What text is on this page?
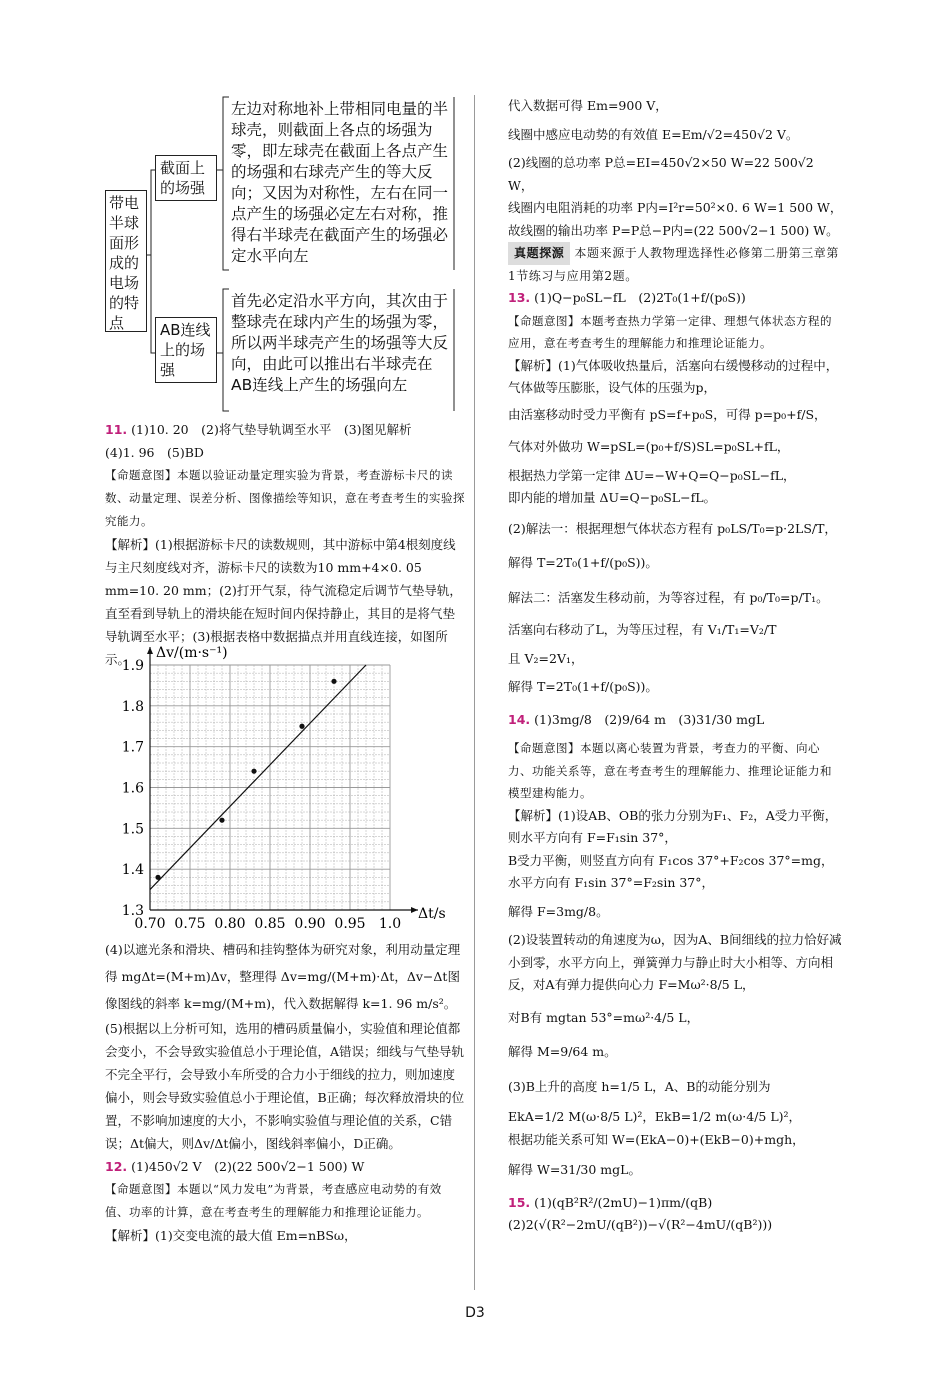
带电半球面形成的电场的特点
截面上的场强
AB连线上的场强
左边对称地补上带相同电量的半球壳，则截面上各点的场强为零，即左球壳在截面上各点产生的场强和右球壳产生的等大反向；又因为对称性，左右在同一点产生的场强必定左右对称，推得右半球壳在截面产生的场强必定水平向左
首先必定沿水平方向，其次由于整球壳在球内产生的场强为零，所以两半球壳产生的场强等大反向，由此可以推出右半球壳在AB连线上产生的场强向左

11. (1)10. 20　(2)将气垫导轨调至水平　(3)图见解析

(4)1. 96　(5)BD

【命题意图】本题以验证动量定理实验为背景，考查游标卡尺的读数、动量定理、误差分析、图像描绘等知识，意在考查考生的实验探究能力。

【解析】(1)根据游标卡尺的读数规则，其中游标中第4根刻度线与主尺刻度线对齐，游标卡尺的读数为10 mm+4×0. 05 mm=10. 20 mm；(2)打开气泵，待气流稳定后调节气垫导轨，直至看到导轨上的滑块能在短时间内保持静止，其目的是将气垫导轨调至水平；(3)根据表格中数据描点并用直线连接，如图所示。

0.70 0.75 0.80 0.85 0.90 0.95 1.0
1.3
1.4
1.5
1.6
1.7
1.8
1.9
Δt/s
Δv/(m·s⁻¹)

(4)以遮光条和滑块、槽码和挂钩整体为研究对象，利用动量定理得 mgΔt=(M+m)Δv，整理得 Δv=mg/(M+m)·Δt，Δv−Δt图像图线的斜率 k=mg/(M+m)，代入数据解得 k=1. 96 m/s²。

(5)根据以上分析可知，选用的槽码质量偏小，实验值和理论值都会变小，不会导致实验值总小于理论值，A错误；细线与气垫导轨不完全平行，会导致小车所受的合力小于细线的拉力，则加速度偏小，则会导致实验值总小于理论值，B正确；每次释放滑块的位置，不影响加速度的大小，不影响实验值与理论值的关系，C错误；Δt偏大，则Δv/Δt偏小，图线斜率偏小，D正确。

12. (1)450√2 V　(2)(22 500√2−1 500) W

【命题意图】本题以“风力发电”为背景，考查感应电动势的有效值、功率的计算，意在考查考生的理解能力和推理论证能力。

【解析】(1)交变电流的最大值 Em=nBSω，

代入数据可得 Em=900 V，

线圈中感应电动势的有效值 E=Em/√2=450√2 V。

(2)线圈的总功率 P总=EI=450√2×50 W=22 500√2 W，

线圈内电阻消耗的功率 P内=I²r=50²×0. 6 W=1 500 W，

故线圈的输出功率 P=P总−P内=(22 500√2−1 500) W。

真题探源 本题来源于人教物理选择性必修第二册第三章第1节练习与应用第2题。

13. (1)Q−p₀SL−fL　(2)2T₀(1+f/(p₀S))

【命题意图】本题考查热力学第一定律、理想气体状态方程的应用，意在考查考生的理解能力和推理论证能力。

【解析】(1)气体吸收热量后，活塞向右缓慢移动的过程中，气体做等压膨胀，设气体的压强为p，

由活塞移动时受力平衡有 pS=f+p₀S，可得 p=p₀+f/S，

气体对外做功 W=pSL=(p₀+f/S)SL=p₀SL+fL，

根据热力学第一定律 ΔU=−W+Q=Q−p₀SL−fL，

即内能的增加量 ΔU=Q−p₀SL−fL。

(2)解法一：根据理想气体状态方程有 p₀LS/T₀=p·2LS/T，

解得 T=2T₀(1+f/(p₀S))。

解法二：活塞发生移动前，为等容过程，有 p₀/T₀=p/T₁。

活塞向右移动了L，为等压过程，有 V₁/T₁=V₂/T

且 V₂=2V₁，

解得 T=2T₀(1+f/(p₀S))。

14. (1)3mg/8　(2)9/64 m　(3)31/30 mgL

【命题意图】本题以离心装置为背景，考查力的平衡、向心力、功能关系等，意在考查考生的理解能力、推理论证能力和模型建构能力。

【解析】(1)设AB、OB的张力分别为F₁、F₂，A受力平衡，则水平方向有 F=F₁sin 37°，

B受力平衡，则竖直方向有 F₁cos 37°+F₂cos 37°=mg，

水平方向有 F₁sin 37°=F₂sin 37°，

解得 F=3mg/8。

(2)设装置转动的角速度为ω，因为A、B间细线的拉力恰好减小到零，水平方向上，弹簧弹力与静止时大小相等、方向相反，对A有弹力提供向心力 F=Mω²·8/5 L，

对B有 mgtan 53°=mω²·4/5 L，

解得 M=9/64 m。

(3)B上升的高度 h=1/5 L，A、B的动能分别为

EkA=1/2 M(ω·8/5 L)²，EkB=1/2 m(ω·4/5 L)²，

根据功能关系可知 W=(EkA−0)+(EkB−0)+mgh，

解得 W=31/30 mgL。

15. (1)(qB²R²/(2mU)−1)πm/(qB)　(2)2(√(R²−2mU/(qB²))−√(R²−4mU/(qB²)))

D3
